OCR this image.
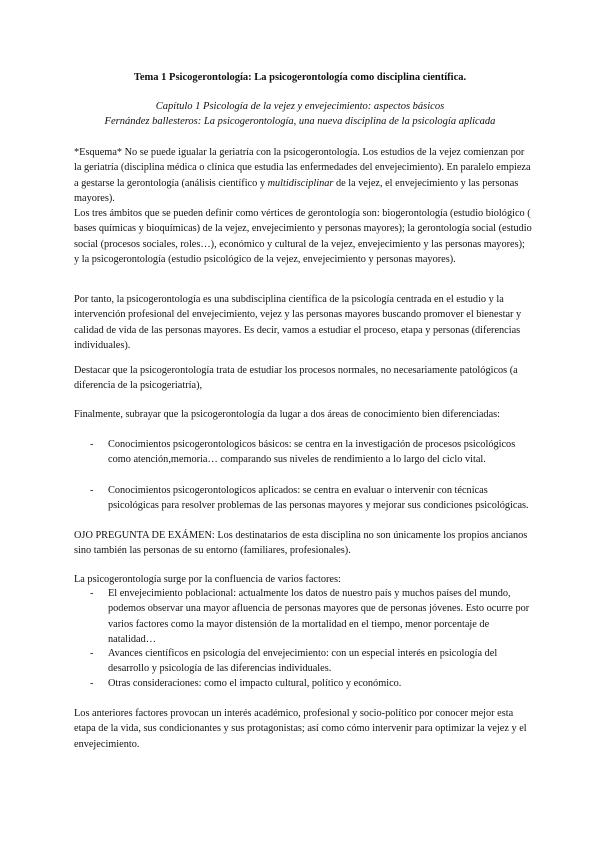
Tema 1 Psicogerontología: La psicogerontología como disciplina científica.
Capítulo 1 Psicología de la vejez y envejecimiento: aspectos básicos
Fernández ballesteros: La psicogerontología, una nueva disciplina de la psicología aplicada
*Esquema* No se puede igualar la geriatría con la psicogerontología. Los estudios de la vejez comienzan por la geriatría (disciplina médica o clínica que estudia las enfermedades del envejecimiento). En paralelo empieza a gestarse la gerontología (análisis científico y multidisciplinar de la vejez, el envejecimiento y las personas mayores).
Los tres ámbitos que se pueden definir como vértices de gerontología son: biogerontología (estudio biológico ( bases químicas y bioquímicas) de la vejez, envejecimiento y personas mayores); la gerontología social (estudio social (procesos sociales, roles…), económico y cultural de la vejez, envejecimiento y las personas mayores); y la psicogerontología (estudio psicológico de la vejez, envejecimiento y personas mayores).
Por tanto, la psicogerontología es una subdisciplina científica de la psicología centrada en el estudio y la intervención profesional del envejecimiento, vejez y las personas mayores buscando promover el bienestar y calidad de vida de las personas mayores. Es decir, vamos a estudiar el proceso, etapa y personas (diferencias individuales).
Destacar que la psicogerontología trata de estudiar los procesos normales, no necesariamente patológicos (a diferencia de la psicogeriatría),
Finalmente, subrayar que la psicogerontología da lugar a dos áreas de conocimiento bien diferenciadas:
- Conocimientos psicogerontologicos básicos: se centra en la investigación de procesos psicológicos como atención,memoria… comparando sus niveles de rendimiento a lo largo del ciclo vital.
- Conocimientos psicogerontologicos aplicados: se centra en evaluar o intervenir con técnicas psicológicas para resolver problemas de las personas mayores y mejorar sus condiciones psicológicas.
OJO PREGUNTA DE EXÁMEN: Los destinatarios de esta disciplina no son únicamente los propios ancianos sino también las personas de su entorno (familiares, profesionales).
La psicogerontología surge por la confluencia de varios factores:
- El envejecimiento poblacional: actualmente los datos de nuestro país y muchos países del mundo, podemos observar una mayor afluencia de personas mayores que de personas jóvenes. Esto ocurre por varios factores como la mayor distensión de la mortalidad en el tiempo, menor porcentaje de natalidad…
- Avances científicos en psicología del envejecimiento: con un especial interés en psicología del desarrollo y psicología de las diferencias individuales.
- Otras consideraciones: como el impacto cultural, político y económico.
Los anteriores factores provocan un interés académico, profesional y socio-político por conocer mejor esta etapa de la vida, sus condicionantes y sus protagonistas; así como cómo intervenir para optimizar la vejez y el envejecimiento.
